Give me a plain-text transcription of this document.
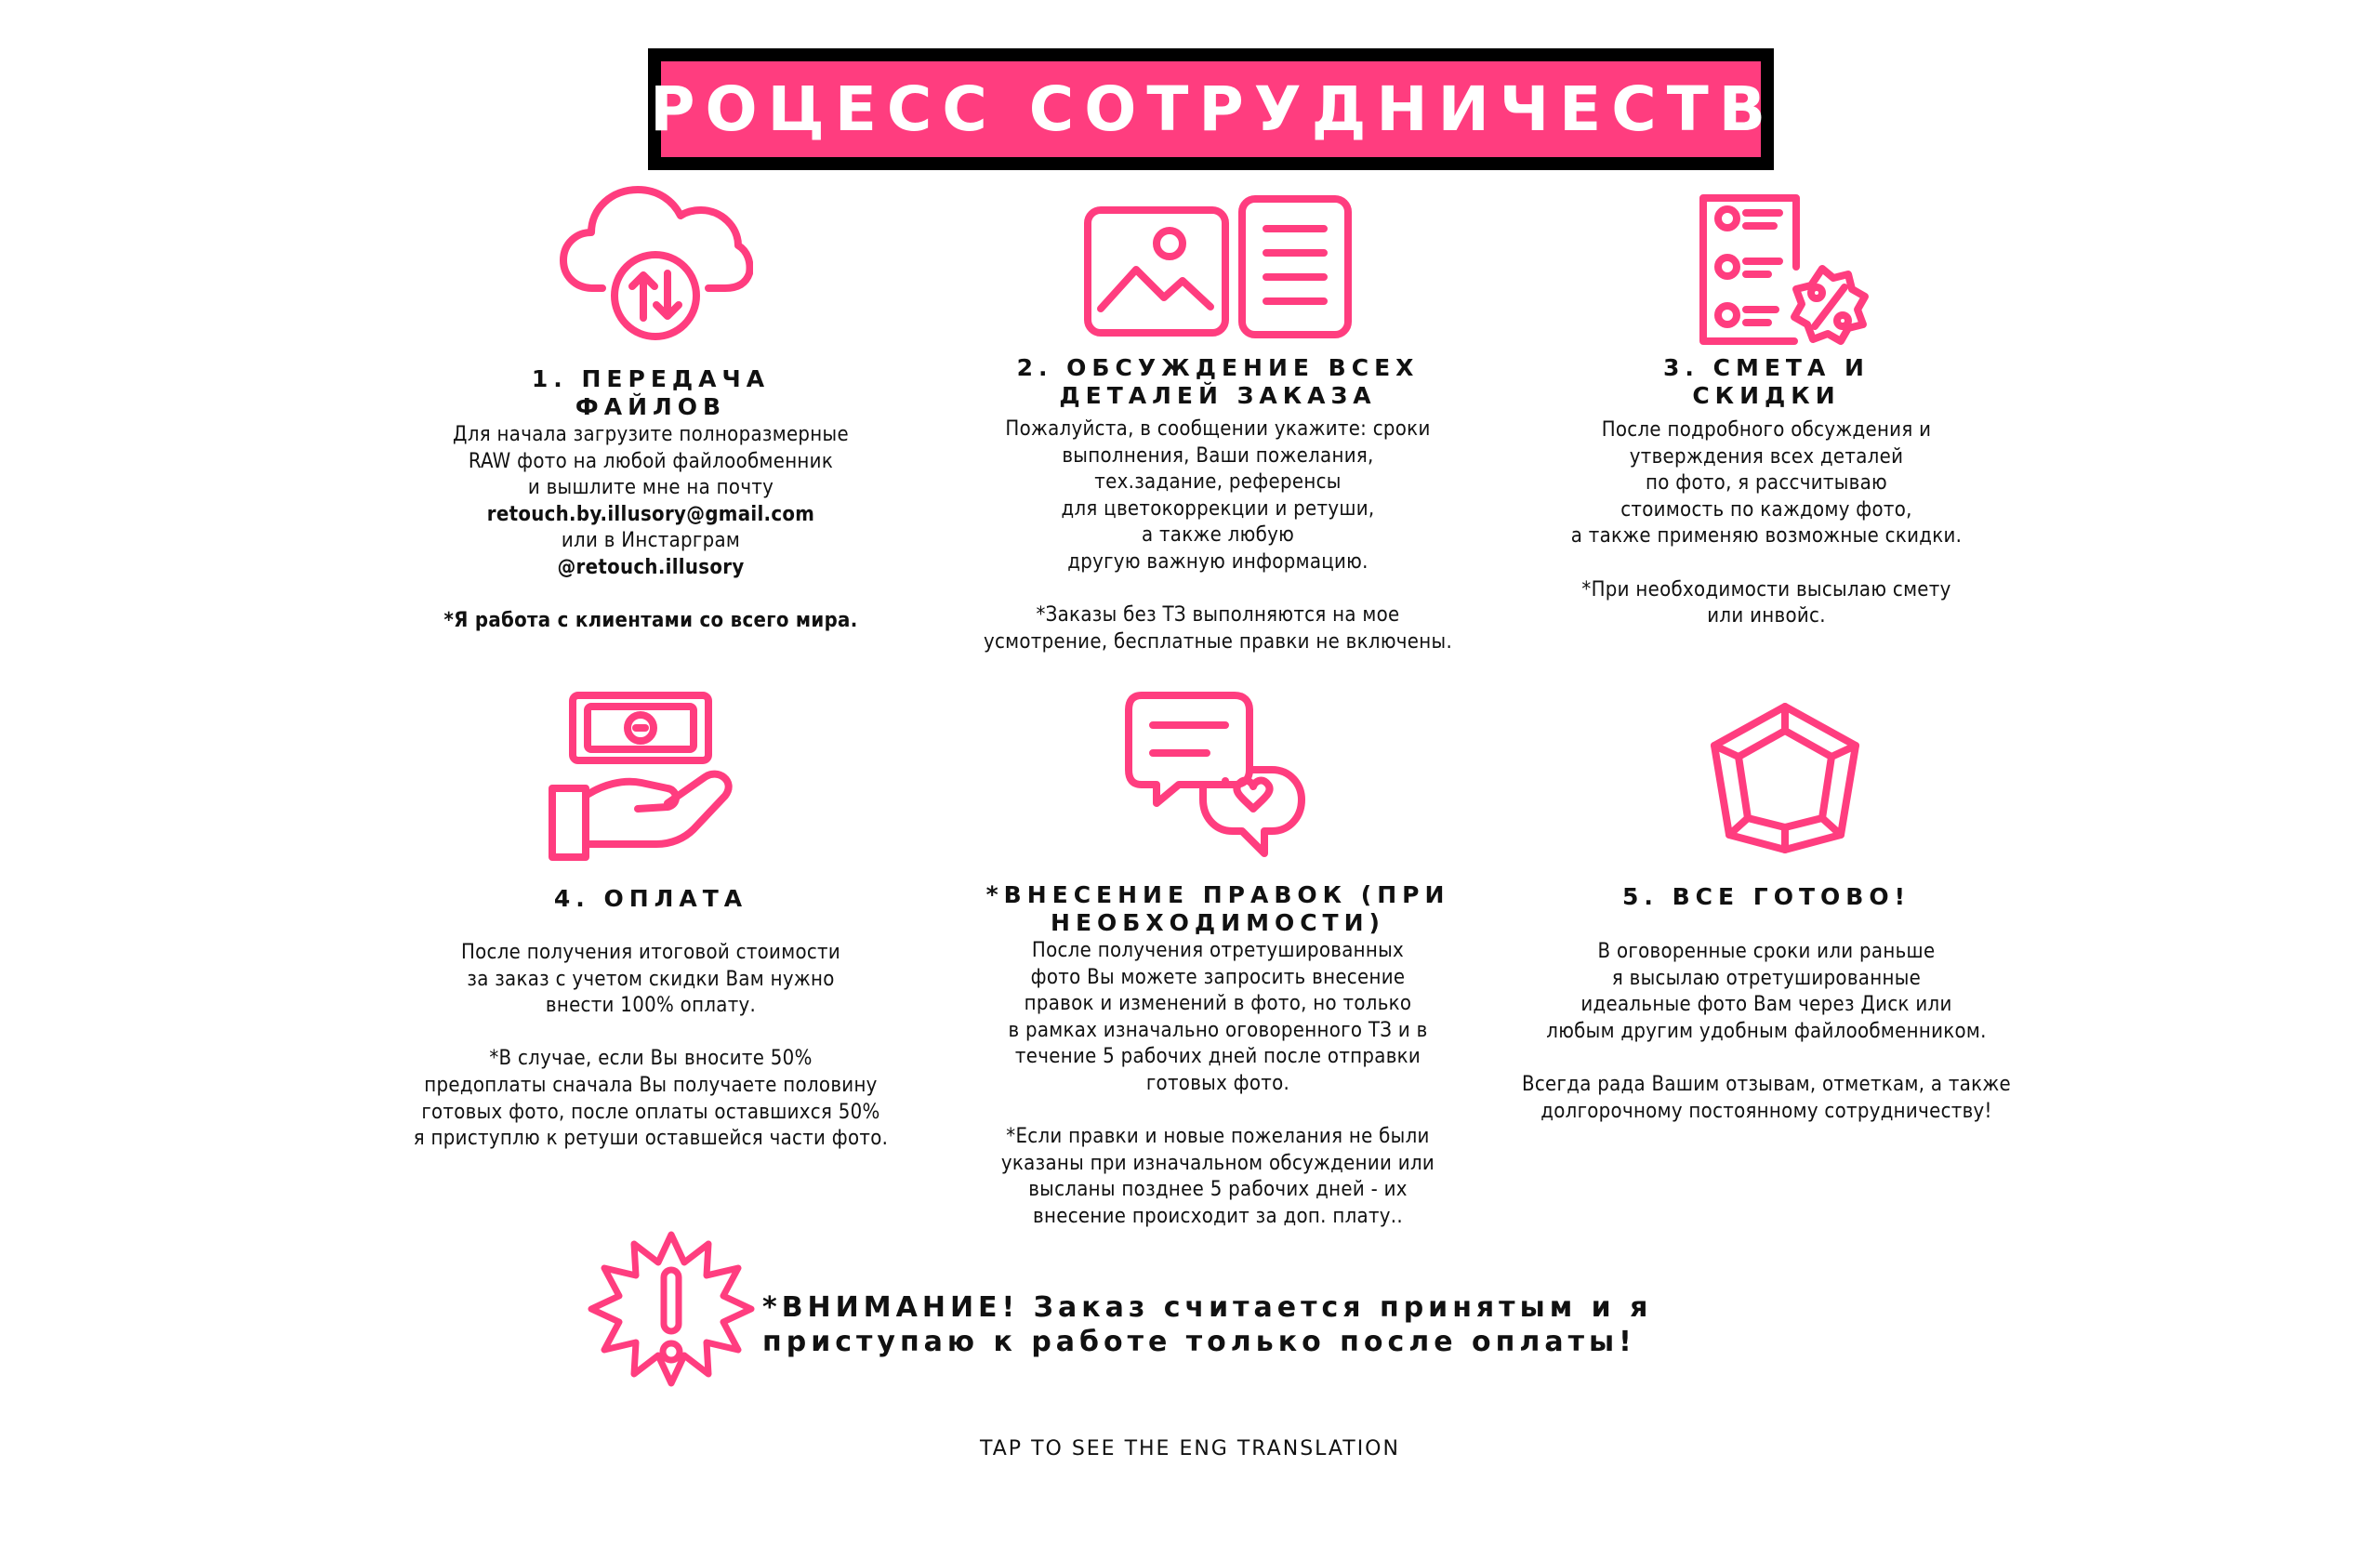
ПРОЦЕСС СОТРУДНИЧЕСТВА
1. ПЕРЕДАЧА
ФАЙЛОВ
Для начала загрузите полноразмерные
RAW фото на любой файлообменник
и вышлите мне на почту
retouch.by.illusory@gmail.com
или в Инстарграм
@retouch.illusory
*Я работа с клиентами со всего мира.
2. ОБСУЖДЕНИЕ ВСЕХ
ДЕТАЛЕЙ ЗАКАЗА
Пожалуйста, в сообщении укажите: сроки
выполнения, Ваши пожелания,
тех.задание, референсы
для цветокоррекции и ретуши,
а также любую
другую важную информацию.
*Заказы без ТЗ выполняются на мое
усмотрение, бесплатные правки не включены.
3. СМЕТА И
СКИДКИ
После подробного обсуждения и
утверждения всех деталей
по фото, я рассчитываю
стоимость по каждому фото,
а также применяю возможные скидки.
*При необходимости высылаю смету
или инвойс.
4. ОПЛАТА
После получения итоговой стоимости
за заказ с учетом скидки Вам нужно
внести 100% оплату.
*В случае, если Вы вносите 50%
предоплаты сначала Вы получаете половину
готовых фото, после оплаты оставшихся 50%
я приступлю к ретуши оставшейся части фото.
*ВНЕСЕНИЕ ПРАВОК (ПРИ
НЕОБХОДИМОСТИ)
После получения отретушированных
фото Вы можете запросить внесение
правок и изменений в фото, но только
в рамках изначально оговоренного ТЗ и в
течение 5 рабочих дней после отправки
готовых фото.
*Если правки и новые пожелания не были
указаны при изначальном обсуждении или
высланы позднее 5 рабочих дней - их
внесение происходит за доп. плату..
5. ВСЕ ГОТОВО!
В оговоренные сроки или раньше
я высылаю отретушированные
идеальные фото Вам через Диск или
любым другим удобным файлообменником.
Всегда рада Вашим отзывам, отметкам, а также
долгорочному постоянному сотрудничеству!
*ВНИМАНИЕ! Заказ считается принятым и я
приступаю к работе только после оплаты!
TAP TO SEE THE ENG TRANSLATION
